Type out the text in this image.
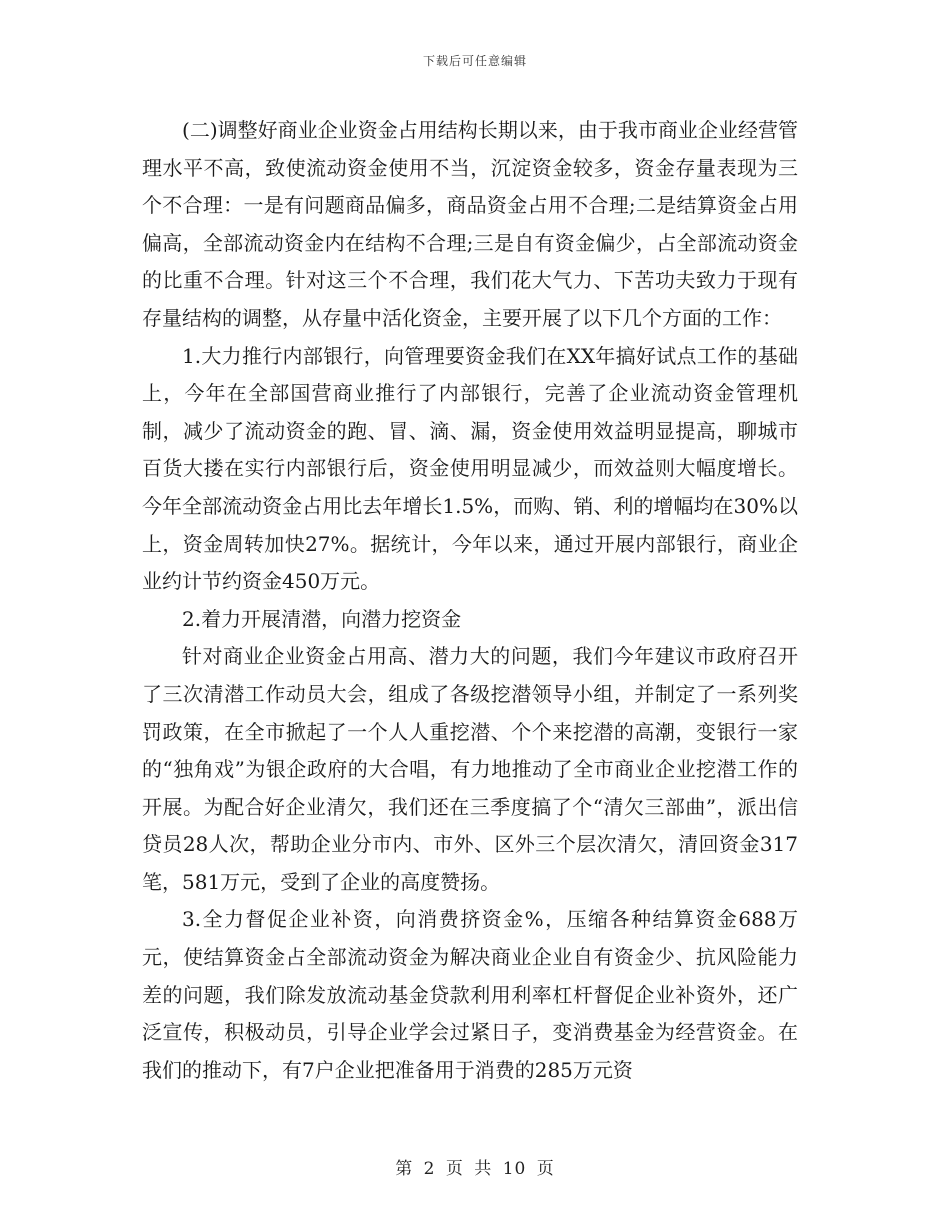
下载后可任意编辑

(二)调整好商业企业资金占用结构长期以来，由于我市商业企业经营管理水平不高，致使流动资金使用不当，沉淀资金较多，资金存量表现为三个不合理：一是有问题商品偏多，商品资金占用不合理;二是结算资金占用偏高，全部流动资金内在结构不合理;三是自有资金偏少，占全部流动资金的比重不合理。针对这三个不合理，我们花大气力、下苦功夫致力于现有存量结构的调整，从存量中活化资金，主要开展了以下几个方面的工作：

1.大力推行内部银行，向管理要资金我们在XX年搞好试点工作的基础上，今年在全部国营商业推行了内部银行，完善了企业流动资金管理机制，减少了流动资金的跑、冒、滴、漏，资金使用效益明显提高，聊城市百货大搂在实行内部银行后，资金使用明显减少，而效益则大幅度增长。今年全部流动资金占用比去年增长1.5%，而购、销、利的增幅均在30%以上，资金周转加快27%。据统计，今年以来，通过开展内部银行，商业企业约计节约资金450万元。

2.着力开展清潜，向潜力挖资金

针对商业企业资金占用高、潜力大的问题，我们今年建议市政府召开了三次清潜工作动员大会，组成了各级挖潜领导小组，并制定了一系列奖罚政策，在全市掀起了一个人人重挖潜、个个来挖潜的高潮，变银行一家的“独角戏”为银企政府的大合唱，有力地推动了全市商业企业挖潜工作的开展。为配合好企业清欠，我们还在三季度搞了个“清欠三部曲”，派出信贷员28人次，帮助企业分市内、市外、区外三个层次清欠，清回资金317笔，581万元，受到了企业的高度赞扬。

3.全力督促企业补资，向消费挤资金%，压缩各种结算资金688万元，使结算资金占全部流动资金为解决商业企业自有资金少、抗风险能力差的问题，我们除发放流动基金贷款利用利率杠杆督促企业补资外，还广泛宣传，积极动员，引导企业学会过紧日子，变消费基金为经营资金。在我们的推动下，有7户企业把准备用于消费的285万元资

第 2 页 共 10 页
